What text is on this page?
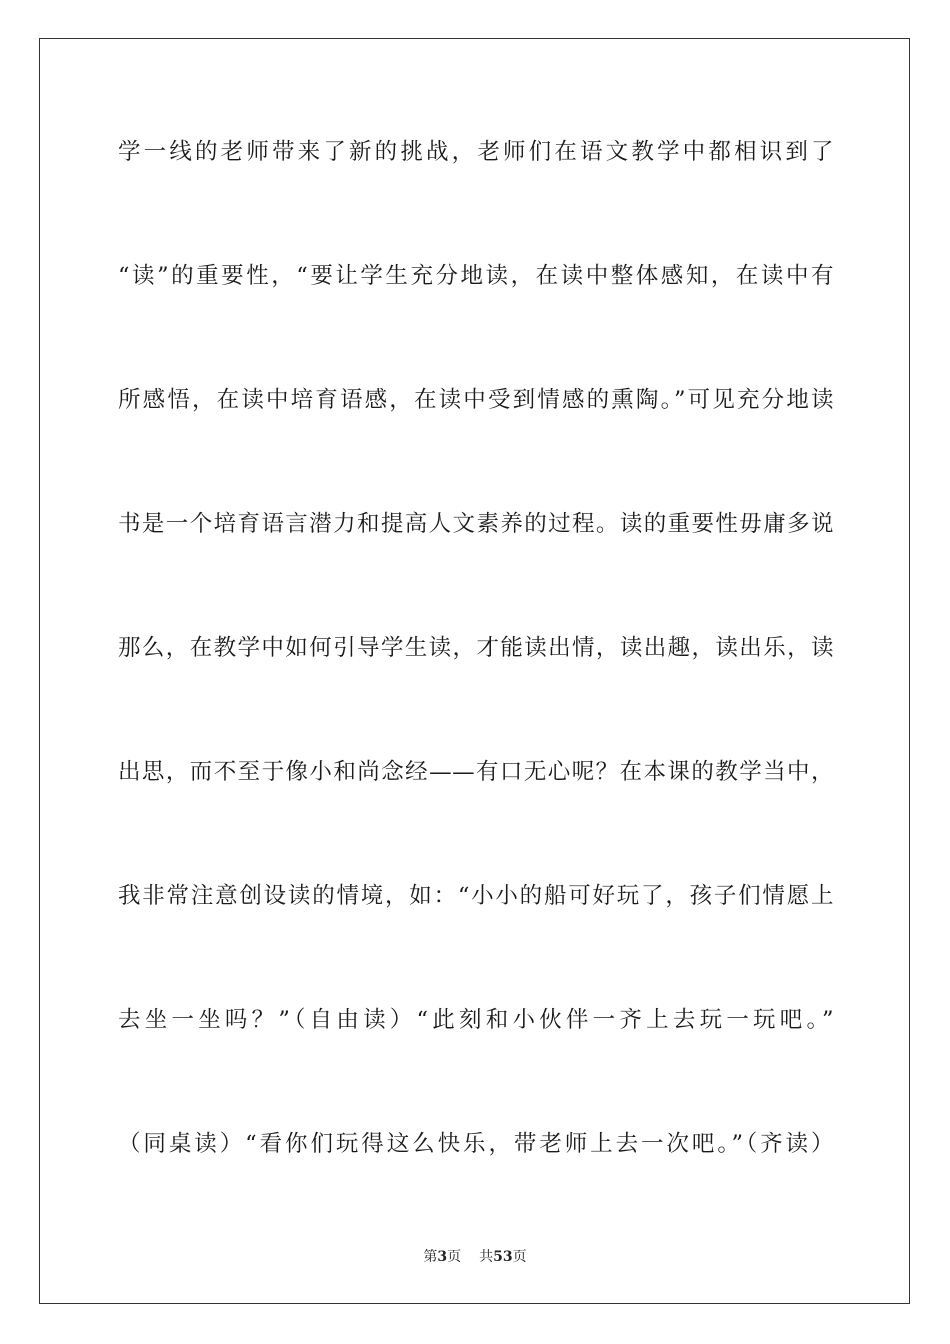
学一线的老师带来了新的挑战，老师们在语文教学中都相识到了
“读”的重要性，“要让学生充分地读，在读中整体感知，在读中有
所感悟，在读中培育语感，在读中受到情感的熏陶。”可见充分地读
书是一个培育语言潜力和提高人文素养的过程。读的重要性毋庸多说
那么，在教学中如何引导学生读，才能读出情，读出趣，读出乐，读
出思，而不至于像小和尚念经——有口无心呢？在本课的教学当中，
我非常注意创设读的情境，如：“小小的船可好玩了，孩子们情愿上
去坐一坐吗？”（自由读）“此刻和小伙伴一齐上去玩一玩吧。”
（同桌读）“看你们玩得这么快乐，带老师上去一次吧。”（齐读）
第3页 共53页
